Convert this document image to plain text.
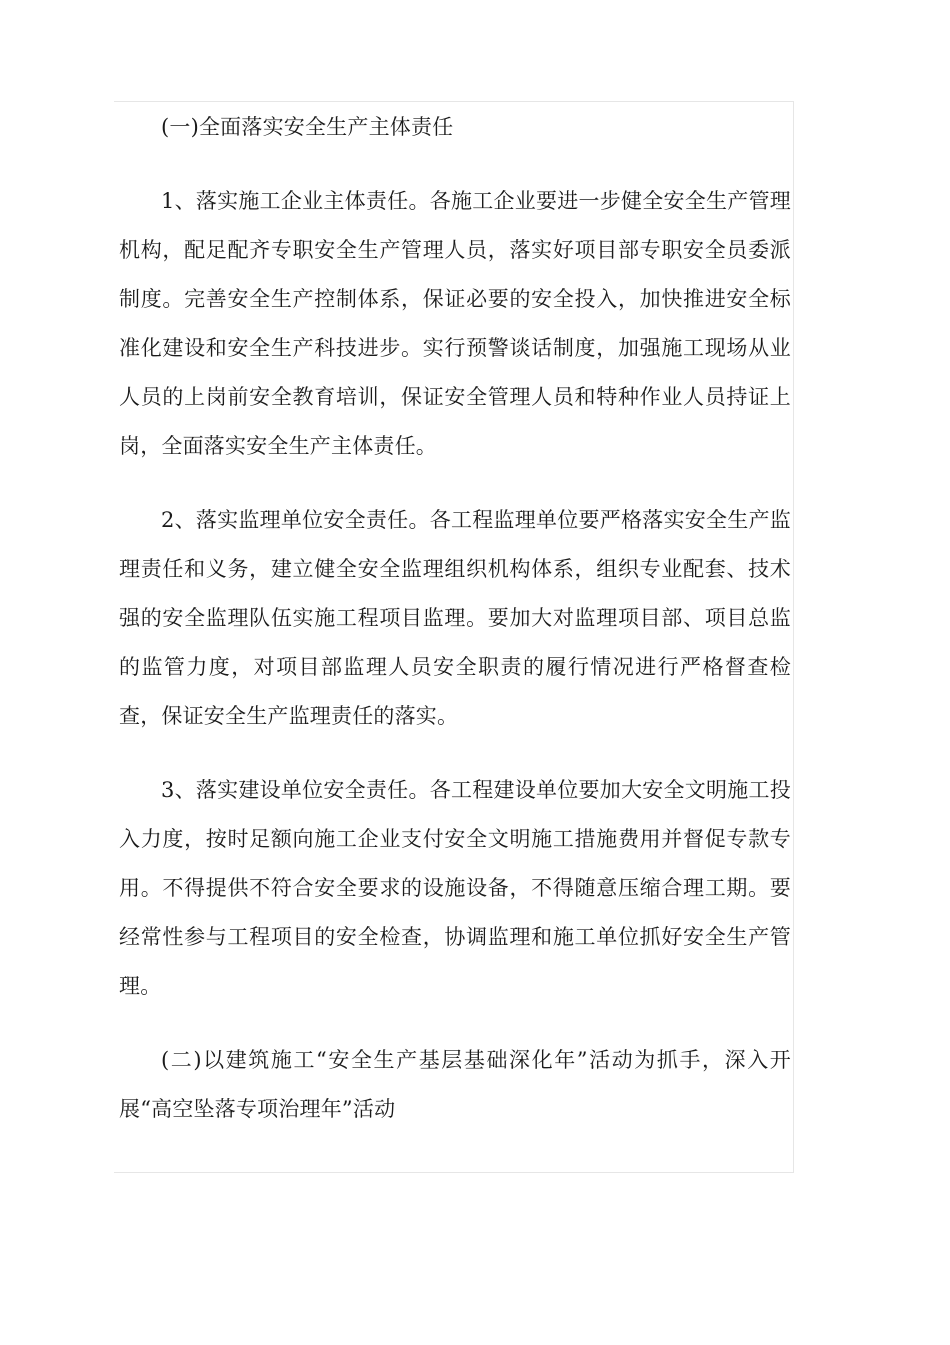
(一)全面落实安全生产主体责任

1、落实施工企业主体责任。各施工企业要进一步健全安全生产管理机构，配足配齐专职安全生产管理人员，落实好项目部专职安全员委派制度。完善安全生产控制体系，保证必要的安全投入，加快推进安全标准化建设和安全生产科技进步。实行预警谈话制度，加强施工现场从业人员的上岗前安全教育培训，保证安全管理人员和特种作业人员持证上岗，全面落实安全生产主体责任。

2、落实监理单位安全责任。各工程监理单位要严格落实安全生产监理责任和义务，建立健全安全监理组织机构体系，组织专业配套、技术强的安全监理队伍实施工程项目监理。要加大对监理项目部、项目总监的监管力度，对项目部监理人员安全职责的履行情况进行严格督查检查，保证安全生产监理责任的落实。

3、落实建设单位安全责任。各工程建设单位要加大安全文明施工投入力度，按时足额向施工企业支付安全文明施工措施费用并督促专款专用。不得提供不符合安全要求的设施设备，不得随意压缩合理工期。要经常性参与工程项目的安全检查，协调监理和施工单位抓好安全生产管理。

(二)以建筑施工“安全生产基层基础深化年”活动为抓手，深入开展“高空坠落专项治理年”活动
